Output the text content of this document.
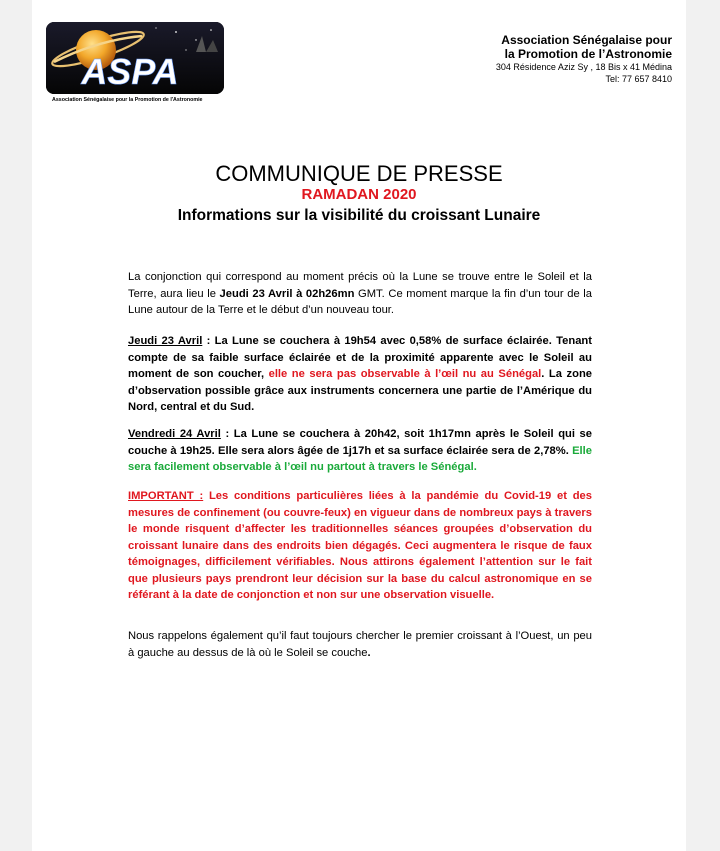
ASPA
Association Sénégalaise pour la Promotion de l'Astronomie
Association Sénégalaise pour
la Promotion de l’Astronomie
304 Résidence Aziz Sy , 18 Bis x 41 Médina
Tel: 77 657 8410
COMMUNIQUE DE PRESSE
RAMADAN 2020
Informations sur la visibilité du croissant Lunaire
La conjonction qui correspond au moment précis où la Lune se trouve entre le Soleil et la Terre, aura lieu le Jeudi 23 Avril à 02h26mn GMT. Ce moment marque la fin d’un tour de la Lune autour de la Terre et le début d’un nouveau tour.
Jeudi 23 Avril : La Lune se couchera à 19h54 avec 0,58% de surface éclairée. Tenant compte de sa faible surface éclairée et de la proximité apparente avec le Soleil au moment de son coucher, elle ne sera pas observable à l’œil nu au Sénégal. La zone d’observation possible grâce aux instruments concernera une partie de l’Amérique du Nord, central et du Sud.
Vendredi 24 Avril : La Lune se couchera à 20h42, soit 1h17mn après le Soleil qui se couche à 19h25. Elle sera alors âgée de 1j17h et sa surface éclairée sera de 2,78%. Elle sera facilement observable à l’œil nu partout à travers le Sénégal.
IMPORTANT : Les conditions particulières liées à la pandémie du Covid-19 et des mesures de confinement (ou couvre-feux) en vigueur dans de nombreux pays à travers le monde risquent d’affecter les traditionnelles séances groupées d’observation du croissant lunaire dans des endroits bien dégagés. Ceci augmentera le risque de faux témoignages, difficilement vérifiables. Nous attirons également l’attention sur le fait que plusieurs pays prendront leur décision sur la base du calcul astronomique en se référant à la date de conjonction et non sur une observation visuelle.
Nous rappelons également qu’il faut toujours chercher le premier croissant à l’Ouest, un peu à gauche au dessus de là où le Soleil se couche.
